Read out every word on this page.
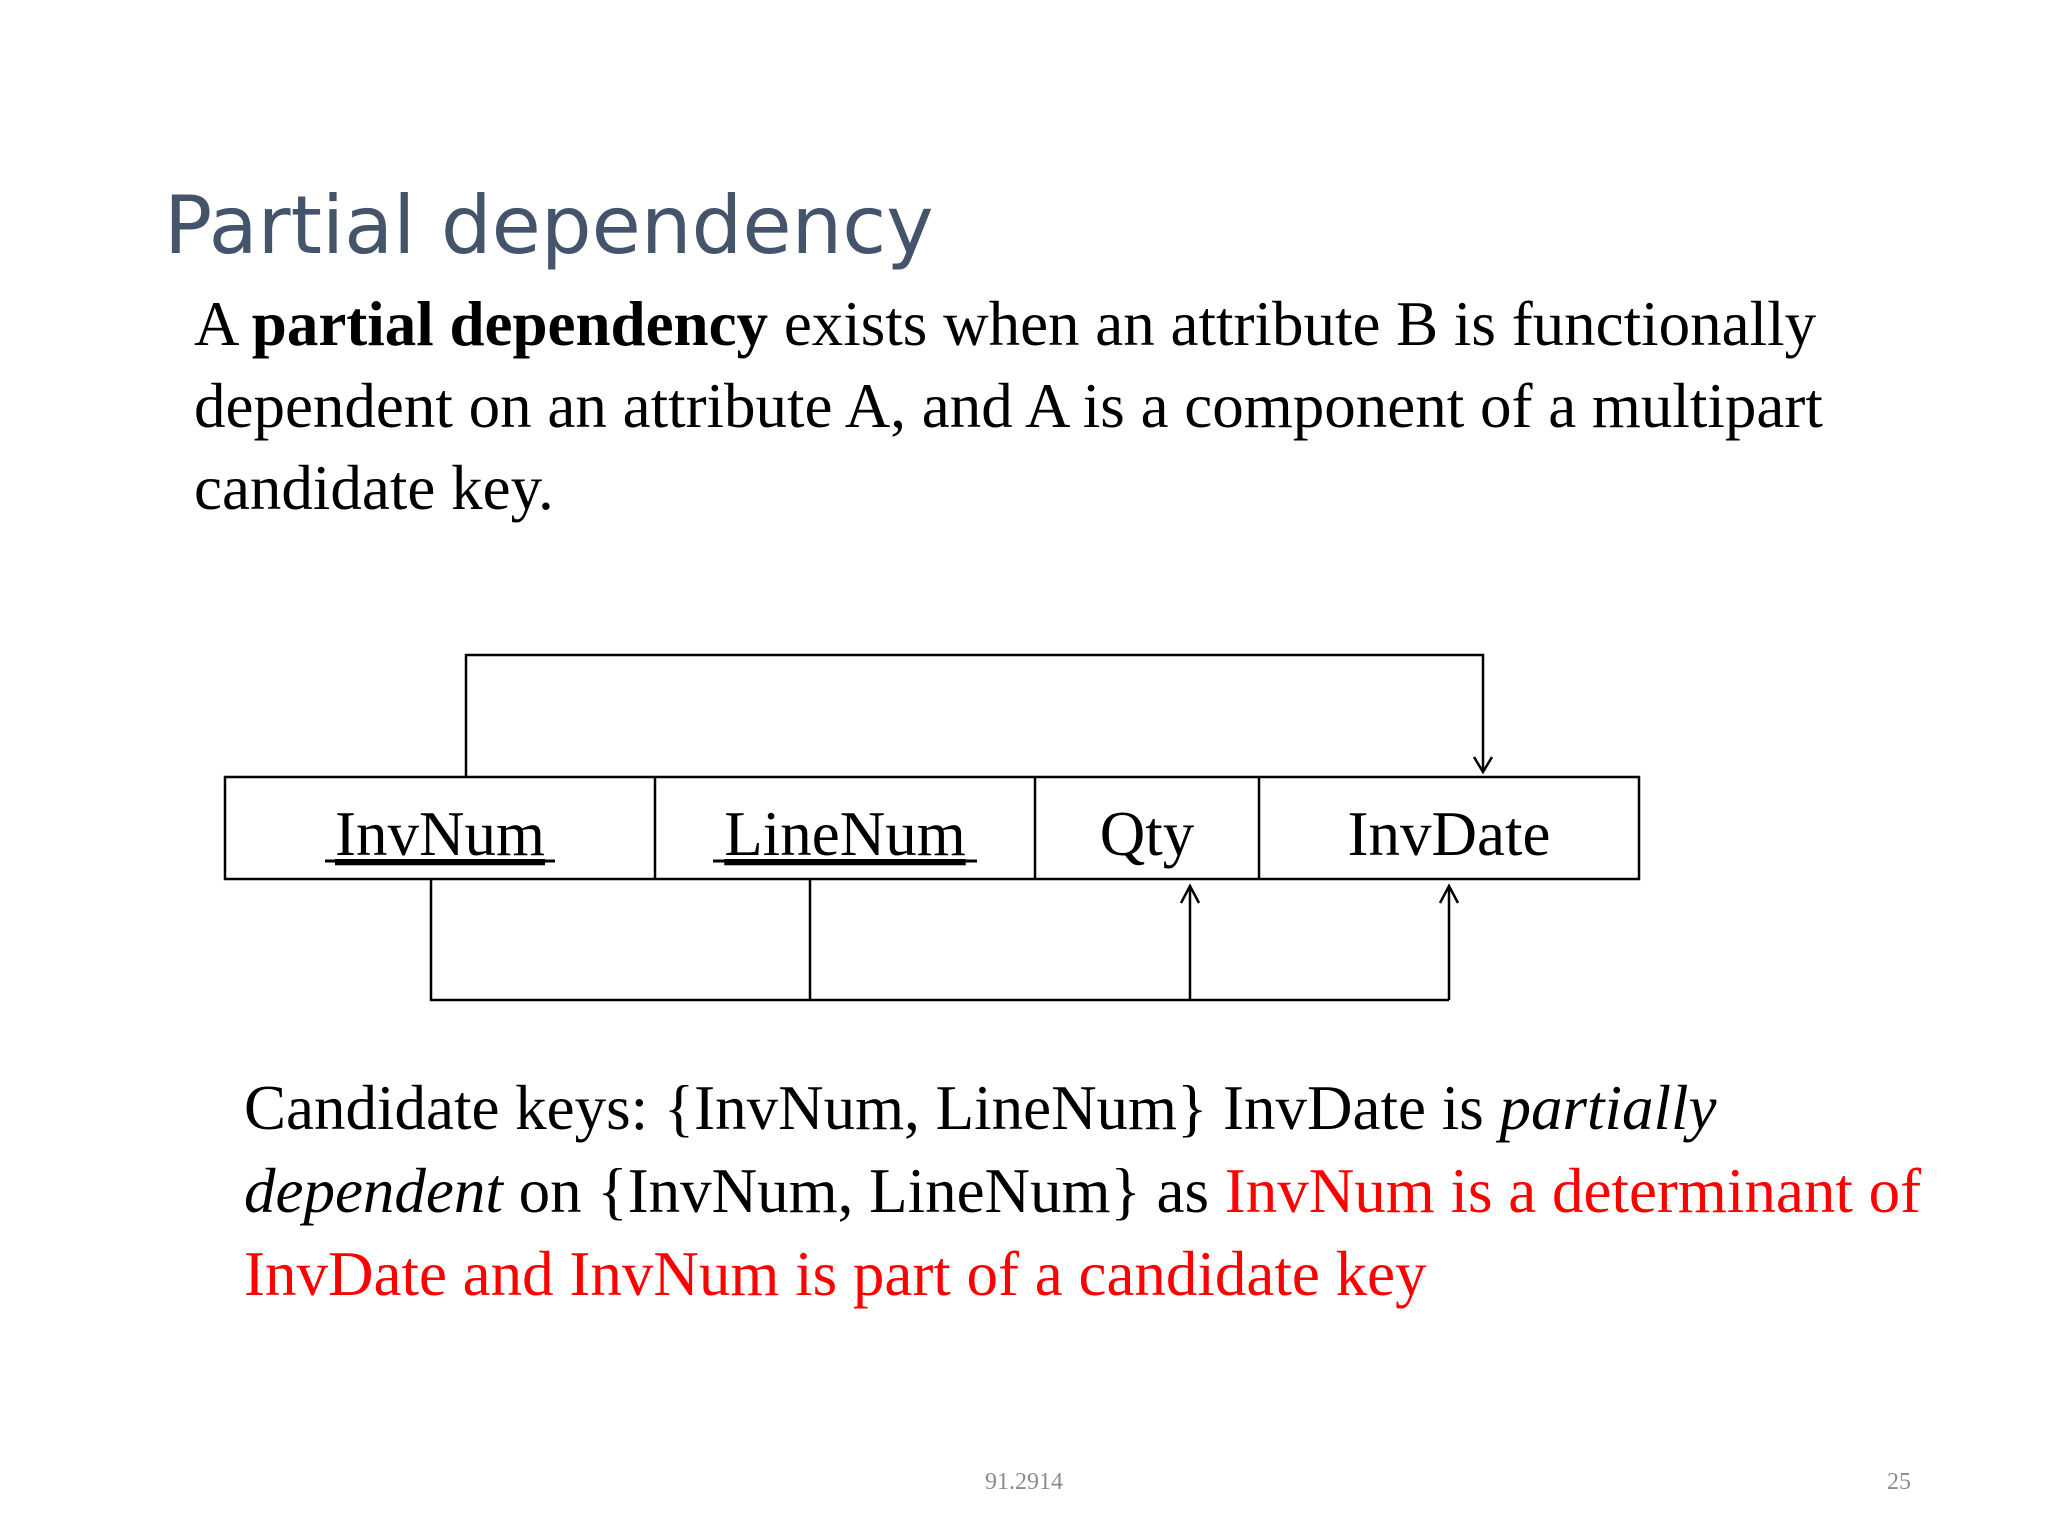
Partial dependency

A partial dependency exists when an attribute B is functionally dependent on an attribute A, and A is a component of a multipart candidate key.

InvNum	LineNum Qty InvDate

Candidate keys: {InvNum, LineNum} InvDate is partially dependent on {InvNum, LineNum} as InvNum is a determinant of InvDate and InvNum is part of a candidate key

91.2914	25
